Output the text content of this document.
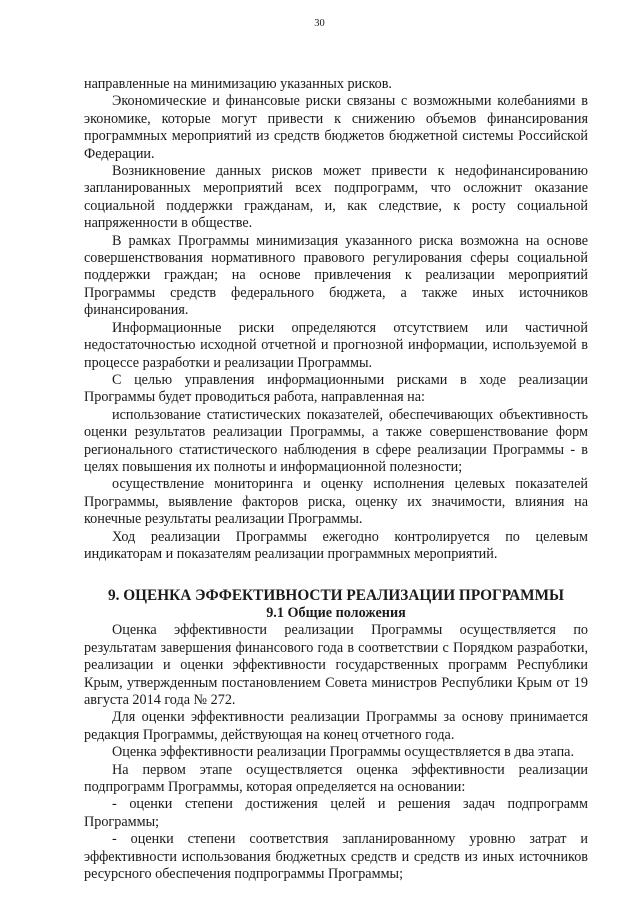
30

направленные на минимизацию указанных рисков.

Экономические и финансовые риски связаны с возможными колебаниями в экономике, которые могут привести к снижению объемов финансирования программных мероприятий из средств бюджетов бюджетной системы Российской Федерации.

Возникновение данных рисков может привести к недофинансированию запланированных мероприятий всех подпрограмм, что осложнит оказание социальной поддержки гражданам, и, как следствие, к росту социальной напряженности в обществе.

В рамках Программы минимизация указанного риска возможна на основе совершенствования нормативного правового регулирования сферы социальной поддержки граждан; на основе привлечения к реализации мероприятий Программы средств федерального бюджета, а также иных источников финансирования.

Информационные риски определяются отсутствием или частичной недостаточностью исходной отчетной и прогнозной информации, используемой в процессе разработки и реализации Программы.

С целью управления информационными рисками в ходе реализации Программы будет проводиться работа, направленная на:

использование статистических показателей, обеспечивающих объективность оценки результатов реализации Программы, а также совершенствование форм регионального статистического наблюдения в сфере реализации Программы - в целях повышения их полноты и информационной полезности;

осуществление мониторинга и оценку исполнения целевых показателей Программы, выявление факторов риска, оценку их значимости, влияния на конечные результаты реализации Программы.

Ход реализации Программы ежегодно контролируется по целевым индикаторам и показателям реализации программных мероприятий.

9. ОЦЕНКА ЭФФЕКТИВНОСТИ РЕАЛИЗАЦИИ ПРОГРАММЫ
9.1 Общие положения

Оценка эффективности реализации Программы осуществляется по результатам завершения финансового года в соответствии с Порядком разработки, реализации и оценки эффективности государственных программ Республики Крым, утвержденным постановлением Совета министров Республики Крым от 19 августа 2014 года № 272.

Для оценки эффективности реализации Программы за основу принимается редакция Программы, действующая на конец отчетного года.

Оценка эффективности реализации Программы осуществляется в два этапа.

На первом этапе осуществляется оценка эффективности реализации подпрограмм Программы, которая определяется на основании:

- оценки степени достижения целей и решения задач подпрограмм Программы;

- оценки степени соответствия запланированному уровню затрат и эффективности использования бюджетных средств и средств из иных источников ресурсного обеспечения подпрограммы Программы;
